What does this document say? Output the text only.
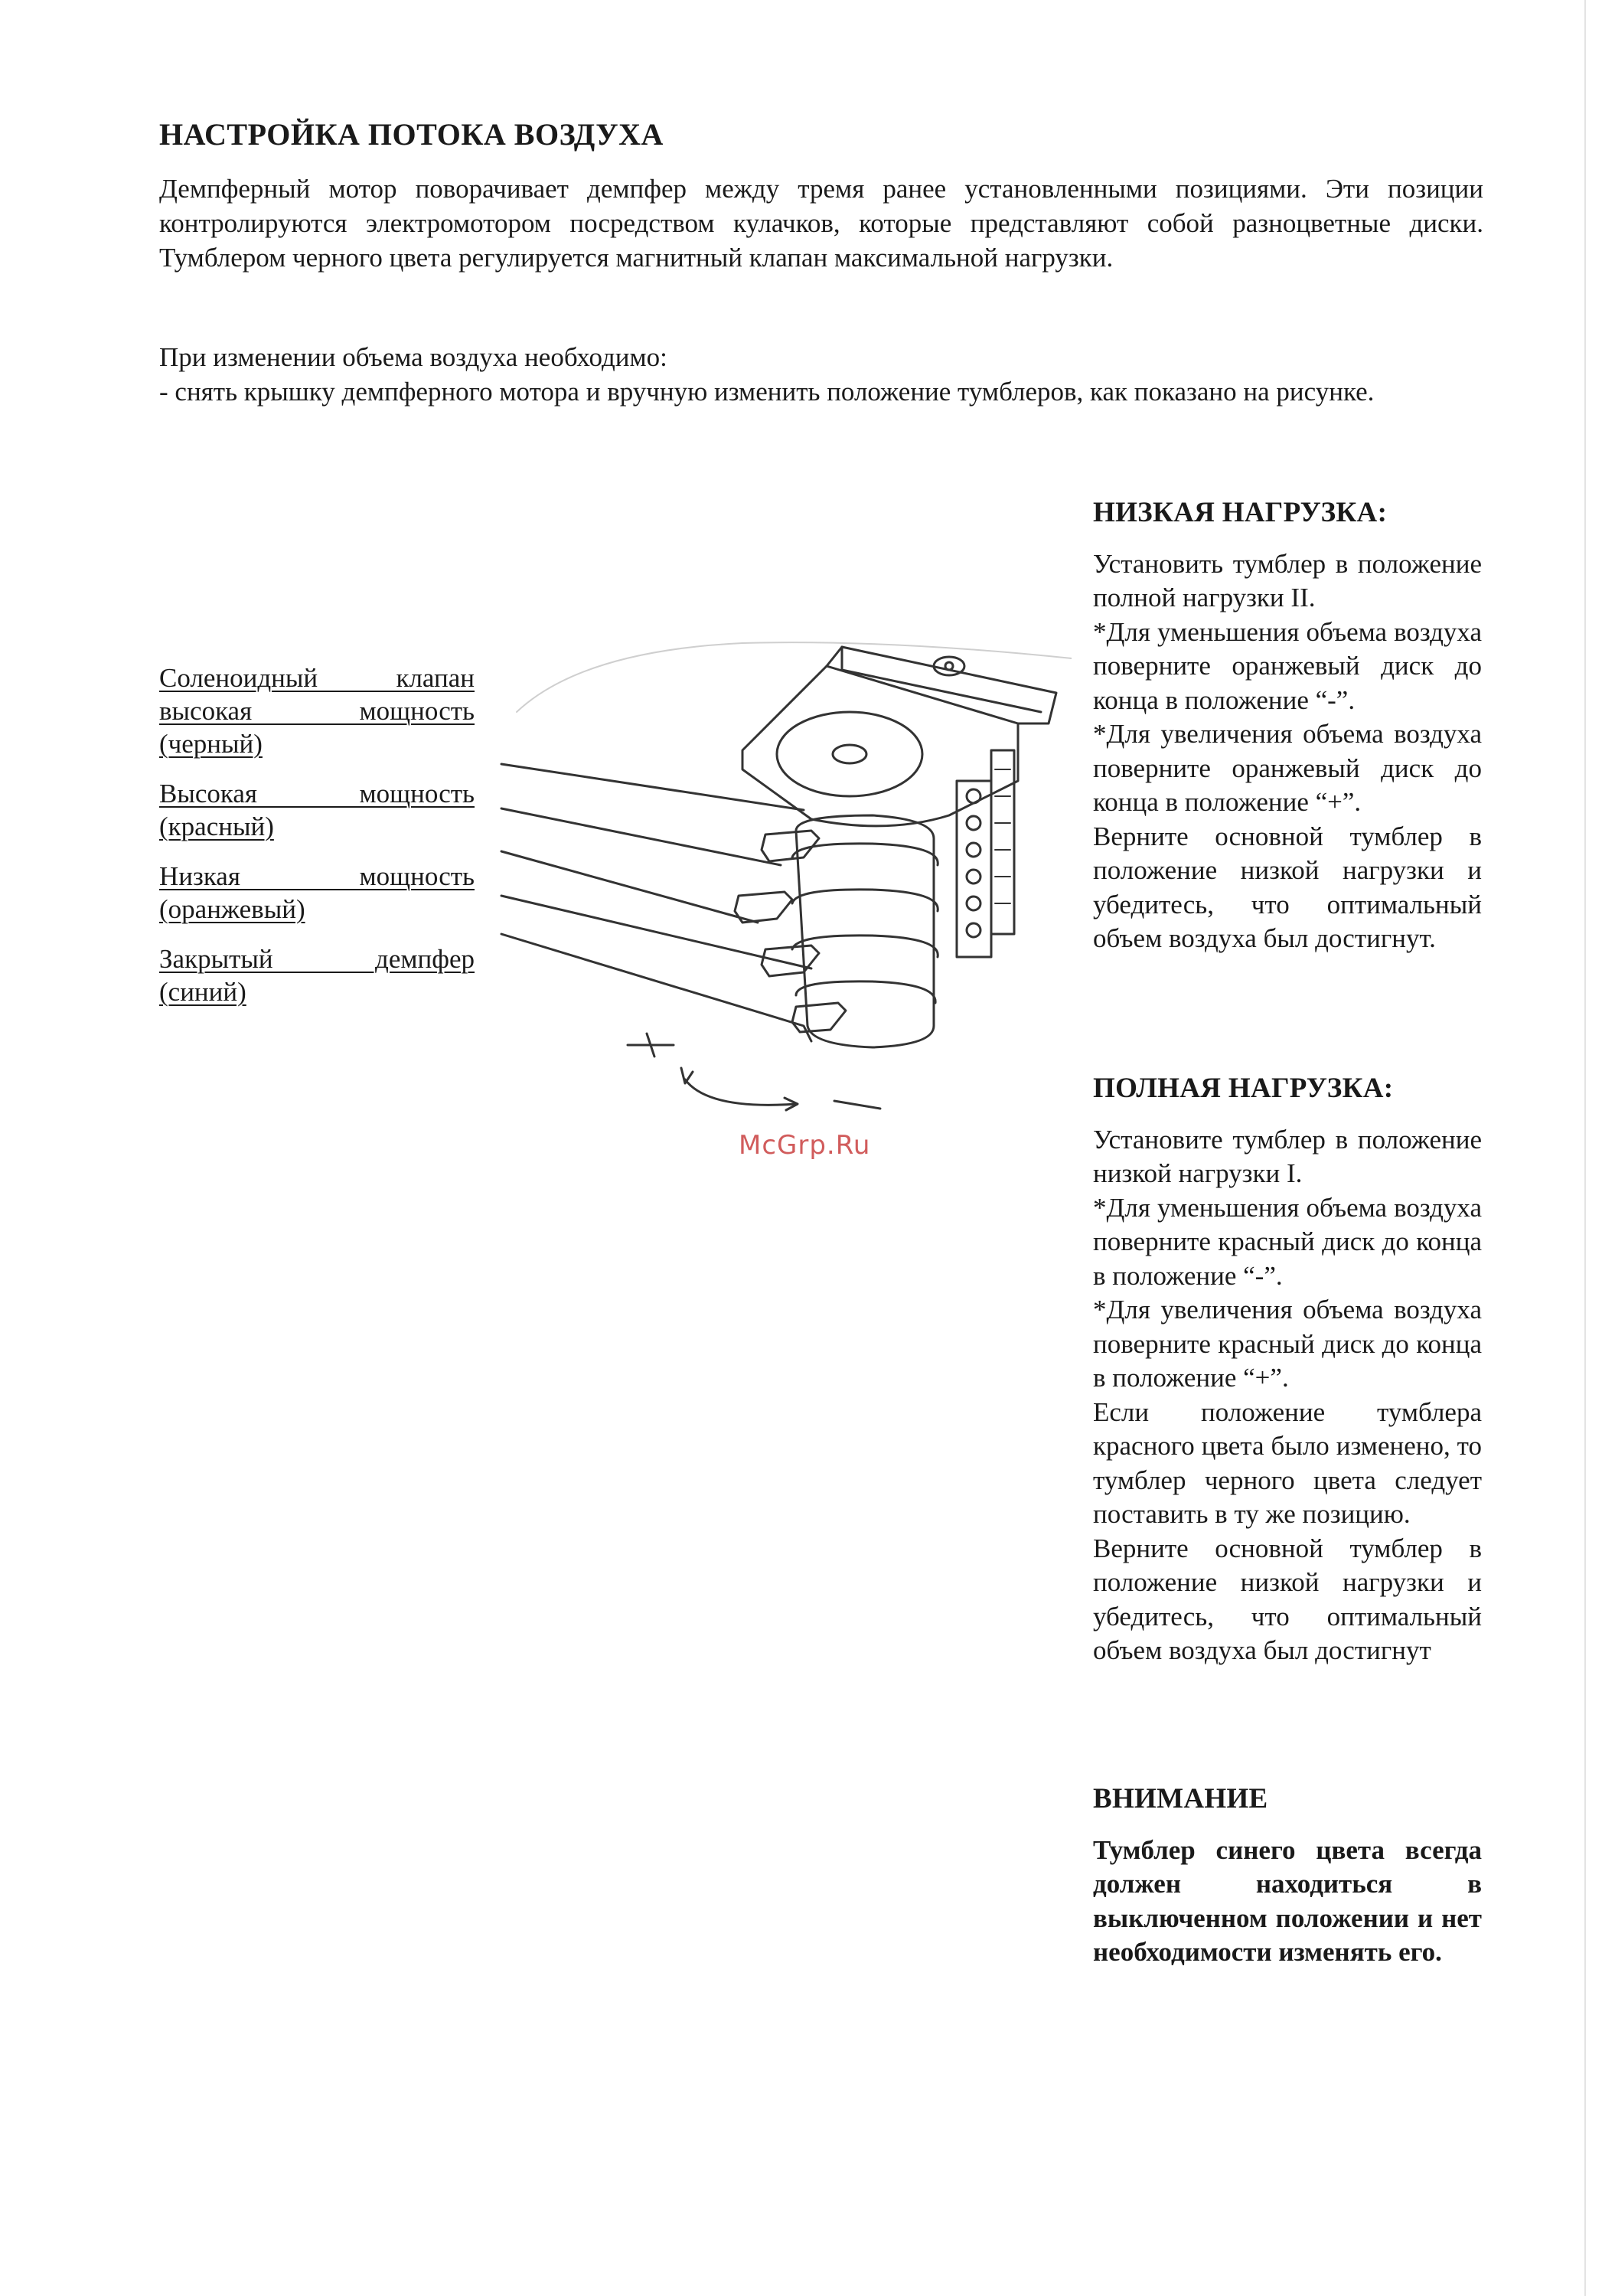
НАСТРОЙКА ПОТОКА ВОЗДУХА

Демпферный мотор поворачивает демпфер между тремя ранее установленными позициями. Эти позиции контролируются электромотором посредством кулачков, которые представляют собой разноцветные диски. Тумблером черного цвета регулируется магнитный клапан максимальной нагрузки.

При изменении объема воздуха необходимо:

- снять крышку демпферного мотора и вручную изменить положение тумблеров, как показано на рисунке.

Соленоидный клапан
высокая мощность
(черный)
Высокая мощность
(красный)
Низкая мощность
(оранжевый)
Закрытый демпфер
(синий)
McGrp.Ru
НИЗКАЯ НАГРУЗКА:

Установить тумблер в положение полной нагрузки II.

*Для уменьшения объема воздуха поверните оранжевый диск до конца в положение “-”.

*Для увеличения объема воздуха поверните оранжевый диск до конца в положение “+”.

Верните основной тумблер в положение низкой нагрузки и убедитесь, что оптимальный объем воздуха был достигнут.

ПОЛНАЯ НАГРУЗКА:

Установите тумблер в положение низкой нагрузки I.

*Для уменьшения объема воздуха поверните красный диск до конца в положение “-”.

*Для увеличения объема воздуха поверните красный диск до конца в положение “+”.

Если положение тумблера красного цвета было изменено, то тумблер черного цвета следует поставить в ту же позицию.

Верните основной тумблер в положение низкой нагрузки и убедитесь, что оптимальный объем воздуха был достигнут

ВНИМАНИЕ

Тумблер синего цвета всегда должен находиться в выключенном положении и нет необходимости изменять его.
